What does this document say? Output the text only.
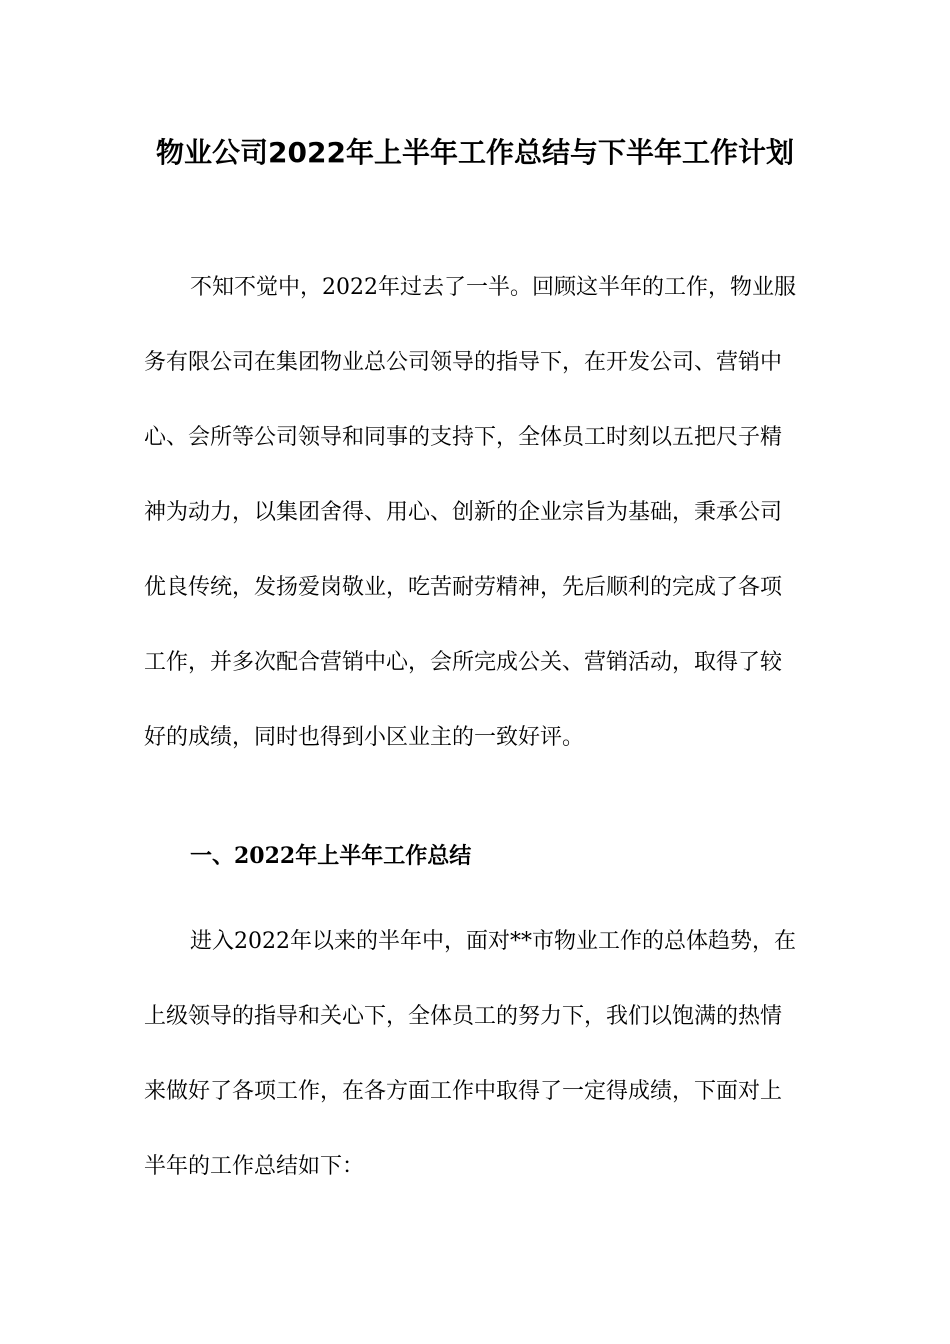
物业公司2022年上半年工作总结与下半年工作计划
不知不觉中，2022年过去了一半。回顾这半年的工作，物业服
务有限公司在集团物业总公司领导的指导下，在开发公司、营销中
心、会所等公司领导和同事的支持下，全体员工时刻以五把尺子精
神为动力，以集团舍得、用心、创新的企业宗旨为基础，秉承公司
优良传统，发扬爱岗敬业，吃苦耐劳精神，先后顺利的完成了各项
工作，并多次配合营销中心，会所完成公关、营销活动，取得了较
好的成绩，同时也得到小区业主的一致好评。
一、2022年上半年工作总结
进入2022年以来的半年中，面对**市物业工作的总体趋势，在
上级领导的指导和关心下，全体员工的努力下，我们以饱满的热情
来做好了各项工作，在各方面工作中取得了一定得成绩，下面对上
半年的工作总结如下：
